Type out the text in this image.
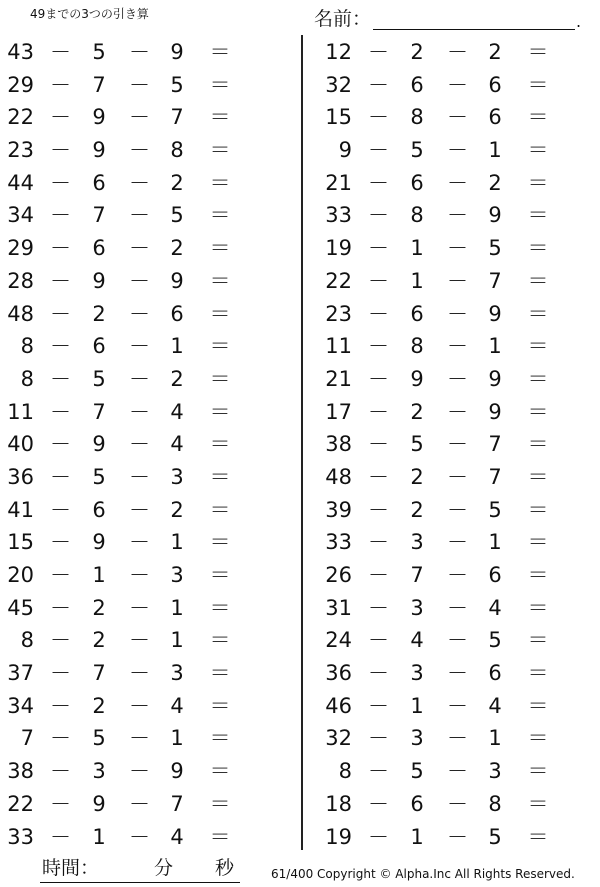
49までの3つの引き算	名前：	.
43 － 5 － 9 ＝
29 － 7 － 5 ＝
22 － 9 － 7 ＝
23 － 9 － 8 ＝
44 － 6 － 2 ＝
34 － 7 － 5 ＝
29 － 6 － 2 ＝
28 － 9 － 9 ＝
48 － 2 － 6 ＝
8 － 6 － 1 ＝
8 － 5 － 2 ＝
11 － 7 － 4 ＝
40 － 9 － 4 ＝
36 － 5 － 3 ＝
41 － 6 － 2 ＝
15 － 9 － 1 ＝
20 － 1 － 3 ＝
45 － 2 － 1 ＝
8 － 2 － 1 ＝
37 － 7 － 3 ＝
34 － 2 － 4 ＝
7 － 5 － 1 ＝
38 － 3 － 9 ＝
22 － 9 － 7 ＝
33 － 1 － 4 ＝
12 － 2 － 2 ＝
32 － 6 － 6 ＝
15 － 8 － 6 ＝
9 － 5 － 1 ＝
21 － 6 － 2 ＝
33 － 8 － 9 ＝
19 － 1 － 5 ＝
22 － 1 － 7 ＝
23 － 6 － 9 ＝
11 － 8 － 1 ＝
21 － 9 － 9 ＝
17 － 2 － 9 ＝
38 － 5 － 7 ＝
48 － 2 － 7 ＝
39 － 2 － 5 ＝
33 － 3 － 1 ＝
26 － 7 － 6 ＝
31 － 3 － 4 ＝
24 － 4 － 5 ＝
36 － 3 － 6 ＝
46 － 1 － 4 ＝
32 － 3 － 1 ＝
8 － 5 － 3 ＝
18 － 6 － 8 ＝
19 － 1 － 5 ＝
時間：	分 秒	61/400 Copyright © Alpha.Inc All Rights Reserved.
